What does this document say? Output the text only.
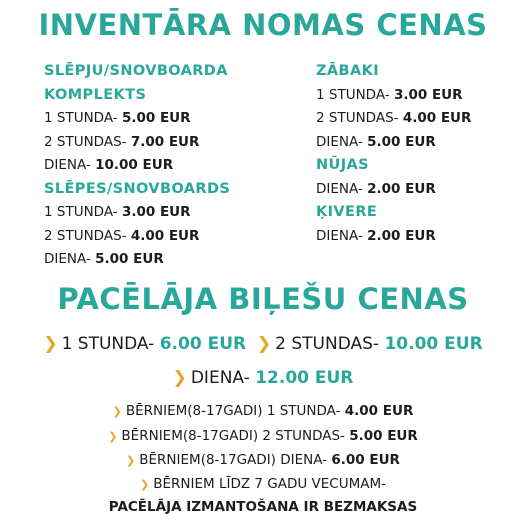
INVENTĀRA NOMAS CENAS
SLĒPJU/SNOVBOARDA
KOMPLEKTS
1 STUNDA- 5.00 EUR
2 STUNDAS- 7.00 EUR
DIENA- 10.00 EUR
SLĒPES/SNOVBOARDS
1 STUNDA- 3.00 EUR
2 STUNDAS- 4.00 EUR
DIENA- 5.00 EUR
ZĀBAKI
1 STUNDA- 3.00 EUR
2 STUNDAS- 4.00 EUR
DIENA- 5.00 EUR
NŪJAS
DIENA- 2.00 EUR
ĶIVERE
DIENA- 2.00 EUR
PACĒLĀJA BIĻEŠU CENAS
❯ 1 STUNDA- 6.00 EUR ❯ 2 STUNDAS- 10.00 EUR
❯ DIENA- 12.00 EUR
❯ BĒRNIEM(8-17GADI) 1 STUNDA- 4.00 EUR
❯ BĒRNIEM(8-17GADI) 2 STUNDAS- 5.00 EUR
❯ BĒRNIEM(8-17GADI) DIENA- 6.00 EUR
❯ BĒRNIEM LĪDZ 7 GADU VECUMAM-
PACĒLĀJA IZMANTOŠANA IR BEZMAKSAS
